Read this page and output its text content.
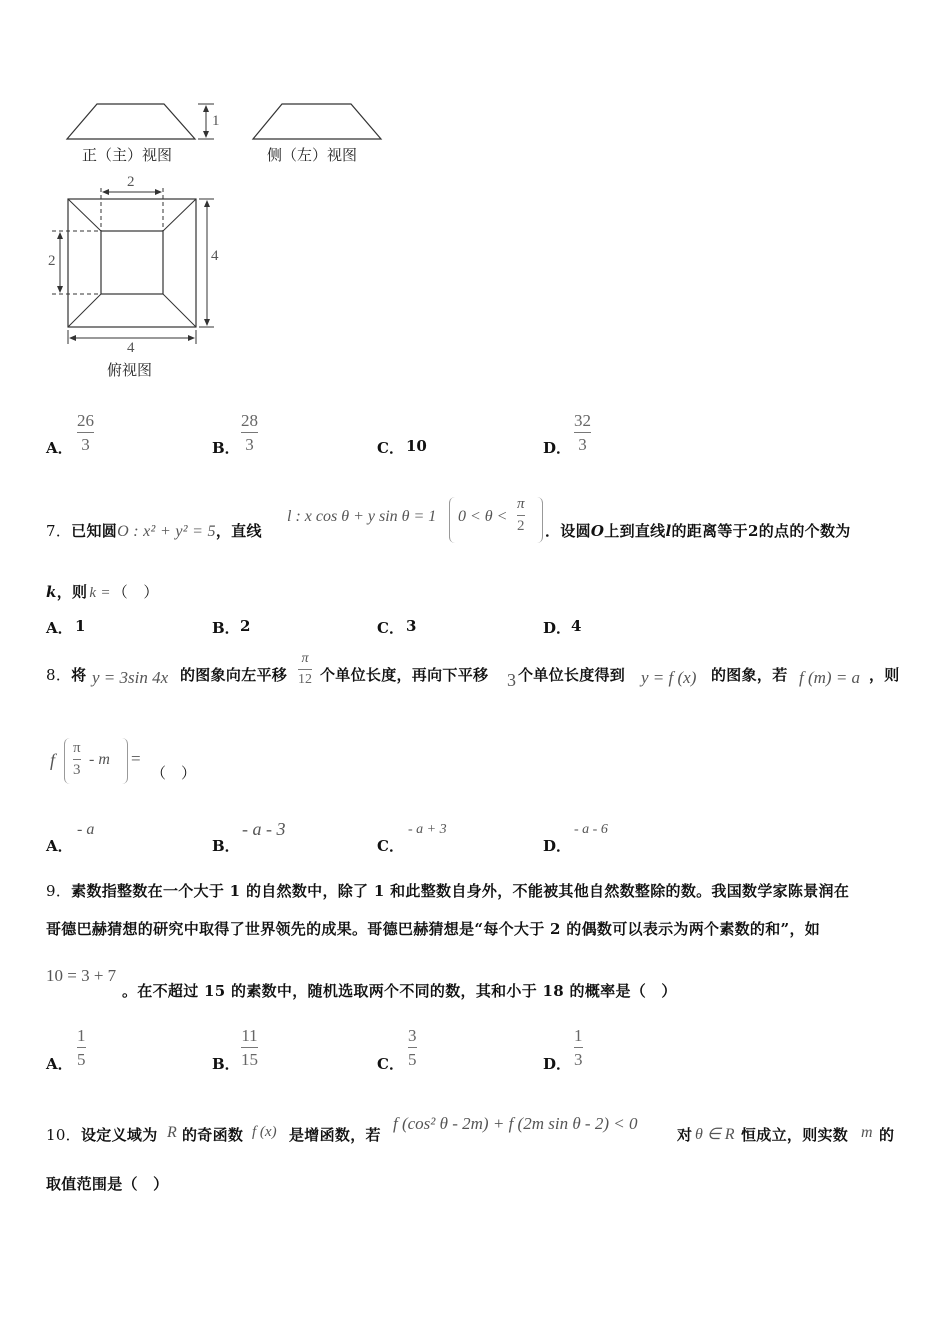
正（主）视图	侧（左）视图
俯视图
1
2
2	4
4
A．
26
3	B．
28
3	C． 10	D．
32
3
7．已知圆O : x² + y² = 5，直线
l : x cos θ + y sin θ = 1 0 < θ <
π
2 ．设圆O上到直线l的距离等于2的点的个数为
k，则 k = （　）
A． 1	B． 2	C． 3	D． 4
8．将 y = 3sin 4x 的图象向左平移
π
12 个单位长度，再向下平移 3 个单位长度得到 y = f (x) 的图象，若 f (m) = a ，则
f
π
3
- m =
（　）
A．
- a
B．
- a - 3
C．
- a + 3
D．
- a - 6
9．素数指整数在一个大于 1 的自然数中，除了 1 和此整数自身外，不能被其他自然数整除的数。我国数学家陈景润在
哥德巴赫猜想的研究中取得了世界领先的成果。哥德巴赫猜想是“每个大于 2 的偶数可以表示为两个素数的和”，如
10 = 3 + 7
。在不超过 15 的素数中，随机选取两个不同的数，其和小于 18 的概率是（　）
A．
1
5	B．
11
15	C．
3
5	D．
1
3
10．设定义域为 R 的奇函数 f (x) 是增函数，若
f (cos² θ - 2m) + f (2m sin θ - 2) < 0
对 θ ∈ R 恒成立，则实数 m 的
取值范围是（　）
